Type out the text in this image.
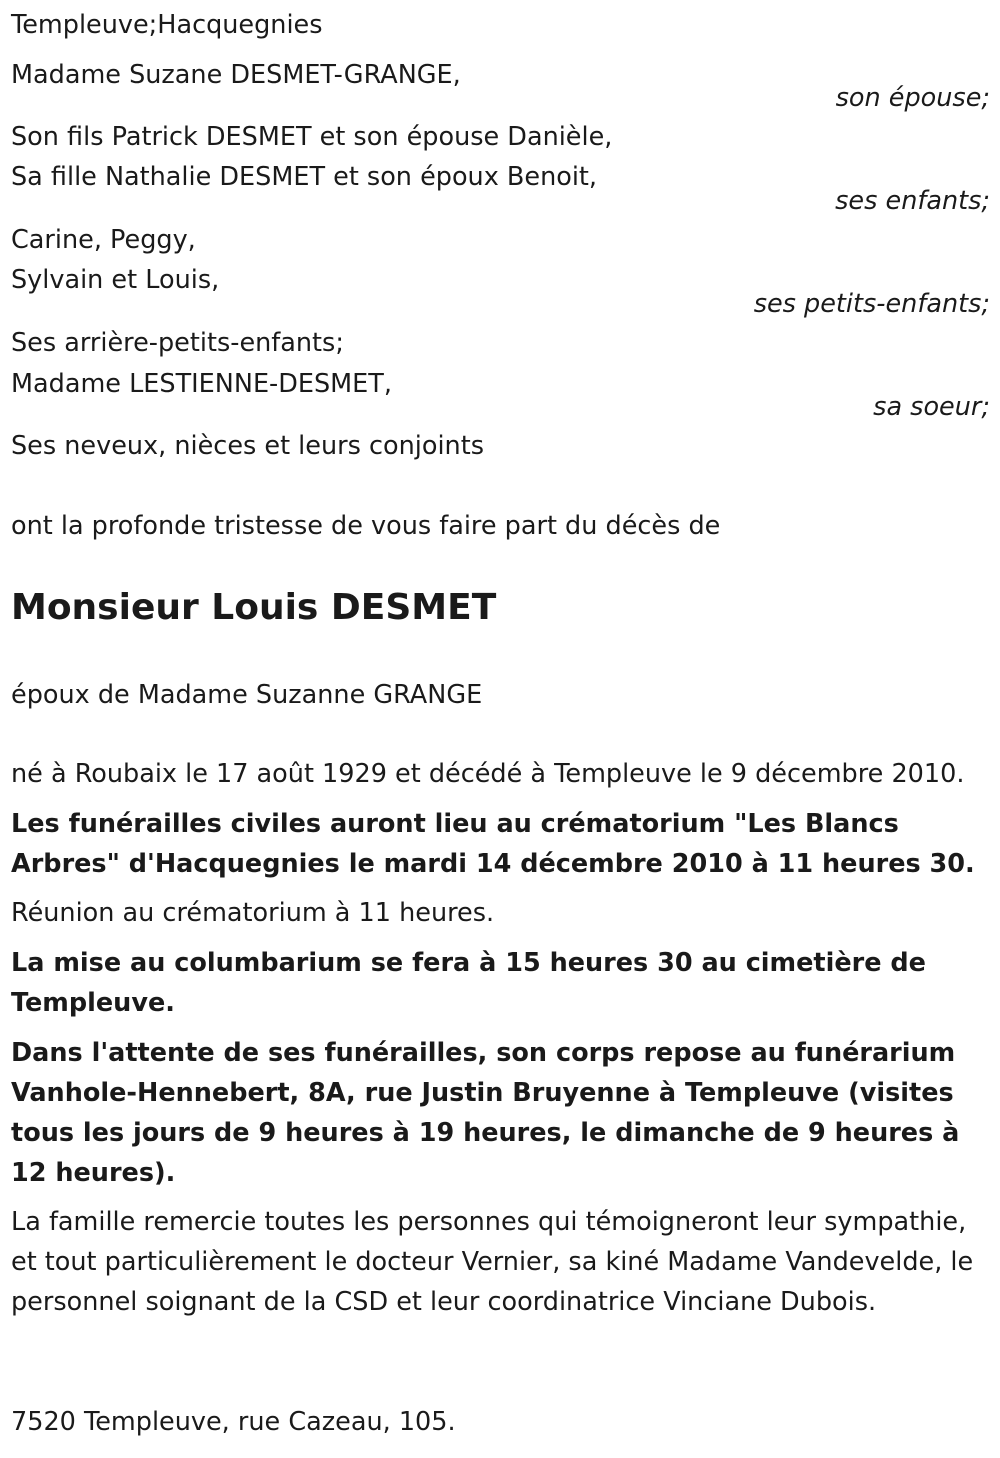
Templeuve;Hacquegnies

Madame Suzane DESMET-GRANGE,

son épouse;

Son fils Patrick DESMET et son épouse Danièle,

Sa fille Nathalie DESMET et son époux Benoit,

ses enfants;

Carine, Peggy,

Sylvain et Louis,

ses petits-enfants;

Ses arrière-petits-enfants;

Madame LESTIENNE-DESMET,

sa soeur;

Ses neveux, nièces et leurs conjoints

ont la profonde tristesse de vous faire part du décès de

Monsieur Louis DESMET

époux de Madame Suzanne GRANGE

né à Roubaix le 17 août 1929 et décédé à Templeuve le 9 décembre 2010.

Les funérailles civiles auront lieu au crématorium "Les Blancs Arbres" d'Hacquegnies le mardi 14 décembre 2010 à 11 heures 30.

Réunion au crématorium à 11 heures.

La mise au columbarium se fera à 15 heures 30 au cimetière de Templeuve.

Dans l'attente de ses funérailles, son corps repose au funérarium Vanhole-Hennebert, 8A, rue Justin Bruyenne à Templeuve (visites tous les jours de 9 heures à 19 heures, le dimanche de 9 heures à 12 heures).

La famille remercie toutes les personnes qui témoigneront leur sympathie, et tout particulièrement le docteur Vernier, sa kiné Madame Vandevelde, le personnel soignant de la CSD et leur coordinatrice Vinciane Dubois.

7520 Templeuve, rue Cazeau, 105.
